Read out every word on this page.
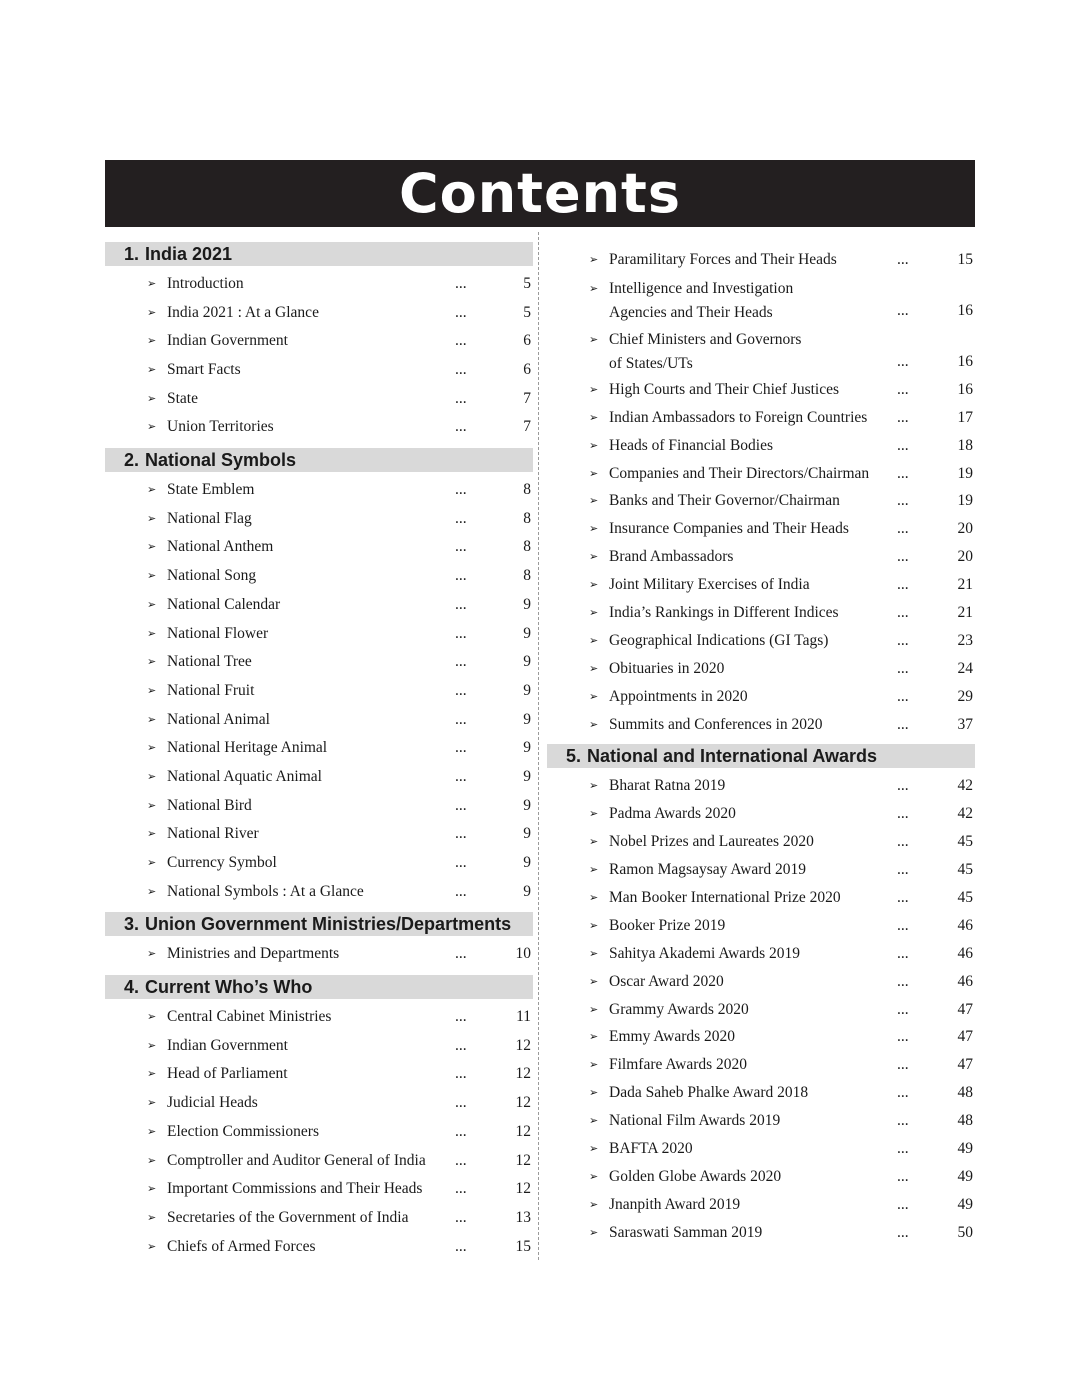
Contents
1. India 2021
➢ Introduction	...	5
➢ India 2021 : At a Glance	...	5
➢ Indian Government	...	6
➢ Smart Facts	...	6
➢ State	...	7
➢ Union Territories	...	7
2. National Symbols
➢ State Emblem	...	8
➢ National Flag	...	8
➢ National Anthem	...	8
➢ National Song	...	8
➢ National Calendar	...	9
➢ National Flower	...	9
➢ National Tree	...	9
➢ National Fruit	...	9
➢ National Animal	...	9
➢ National Heritage Animal	...	9
➢ National Aquatic Animal	...	9
➢ National Bird	...	9
➢ National River	...	9
➢ Currency Symbol	...	9
➢ National Symbols : At a Glance	...	9
3. Union Government Ministries/Departments
➢ Ministries and Departments	...	10
4. Current Who’s Who
➢ Central Cabinet Ministries	...	11
➢ Indian Government	...	12
➢ Head of Parliament	...	12
➢ Judicial Heads	...	12
➢ Election Commissioners	...	12
➢ Comptroller and Auditor General of India	...	12
➢ Important Commissions and Their Heads	...	12
➢ Secretaries of the Government of India	...	13
➢ Chiefs of Armed Forces	...	15
➢ Paramilitary Forces and Their Heads	...	15
➢ Intelligence and Investigation
Agencies and Their Heads	...	16
➢ Chief Ministers and Governors
of States/UTs	...	16
➢ High Courts and Their Chief Justices	...	16
➢ Indian Ambassadors to Foreign Countries	...	17
➢ Heads of Financial Bodies	...	18
➢ Companies and Their Directors/Chairman	...	19
➢ Banks and Their Governor/Chairman	...	19
➢ Insurance Companies and Their Heads	...	20
➢ Brand Ambassadors	...	20
➢ Joint Military Exercises of India	...	21
➢ India’s Rankings in Different Indices	...	21
➢ Geographical Indications (GI Tags)	...	23
➢ Obituaries in 2020	...	24
➢ Appointments in 2020	...	29
➢ Summits and Conferences in 2020	...	37
5. National and International Awards
➢ Bharat Ratna 2019	...	42
➢ Padma Awards 2020	...	42
➢ Nobel Prizes and Laureates 2020	...	45
➢ Ramon Magsaysay Award 2019	...	45
➢ Man Booker International Prize 2020	...	45
➢ Booker Prize 2019	...	46
➢ Sahitya Akademi Awards 2019	...	46
➢ Oscar Award 2020	...	46
➢ Grammy Awards 2020	...	47
➢ Emmy Awards 2020	...	47
➢ Filmfare Awards 2020	...	47
➢ Dada Saheb Phalke Award 2018	...	48
➢ National Film Awards 2019	...	48
➢ BAFTA 2020	...	49
➢ Golden Globe Awards 2020	...	49
➢ Jnanpith Award 2019	...	49
➢ Saraswati Samman 2019	...	50
